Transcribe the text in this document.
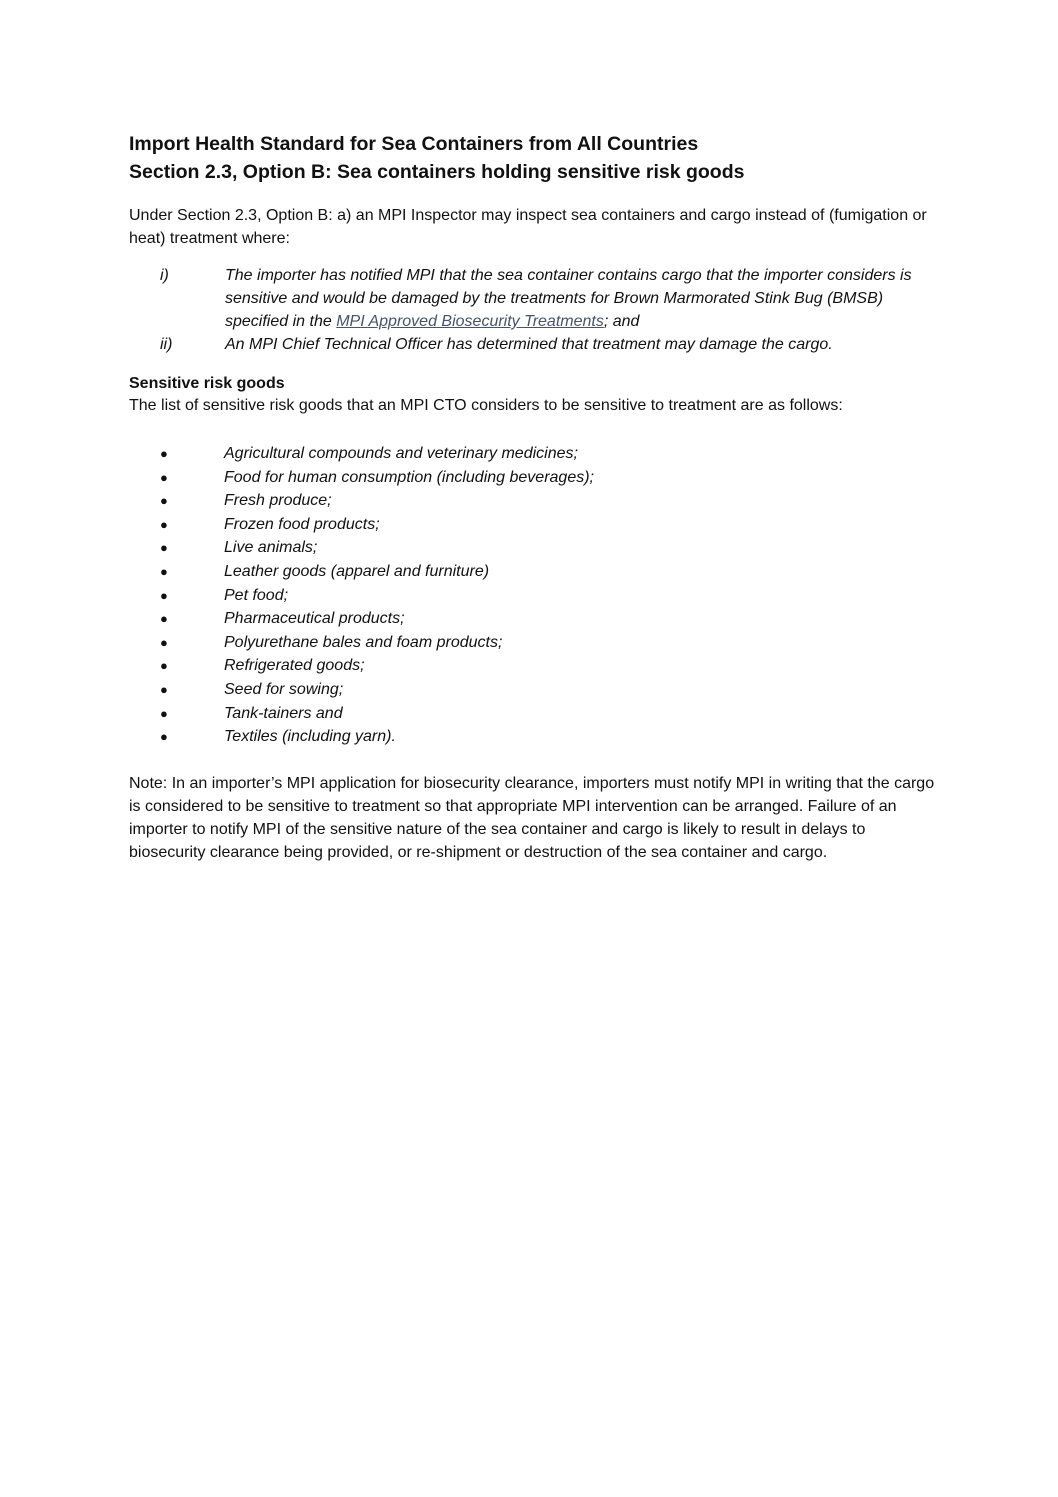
Import Health Standard for Sea Containers from All Countries
Section 2.3, Option B: Sea containers holding sensitive risk goods

Under Section 2.3, Option B: a) an MPI Inspector may inspect sea containers and cargo instead of (fumigation or heat) treatment where:

i)	The importer has notified MPI that the sea container contains cargo that the importer considers is sensitive and would be damaged by the treatments for Brown Marmorated Stink Bug (BMSB) specified in the MPI Approved Biosecurity Treatments; and
ii)	An MPI Chief Technical Officer has determined that treatment may damage the cargo.
Sensitive risk goods

The list of sensitive risk goods that an MPI CTO considers to be sensitive to treatment are as follows:

●	Agricultural compounds and veterinary medicines;
●	Food for human consumption (including beverages);
●	Fresh produce;
●	Frozen food products;
●	Live animals;
●	Leather goods (apparel and furniture)
●	Pet food;
●	Pharmaceutical products;
●	Polyurethane bales and foam products;
●	Refrigerated goods;
●	Seed for sowing;
●	Tank-tainers and
●	Textiles (including yarn).

Note: In an importer’s MPI application for biosecurity clearance, importers must notify MPI in writing that the cargo is considered to be sensitive to treatment so that appropriate MPI intervention can be arranged. Failure of an importer to notify MPI of the sensitive nature of the sea container and cargo is likely to result in delays to biosecurity clearance being provided, or re-shipment or destruction of the sea container and cargo.
